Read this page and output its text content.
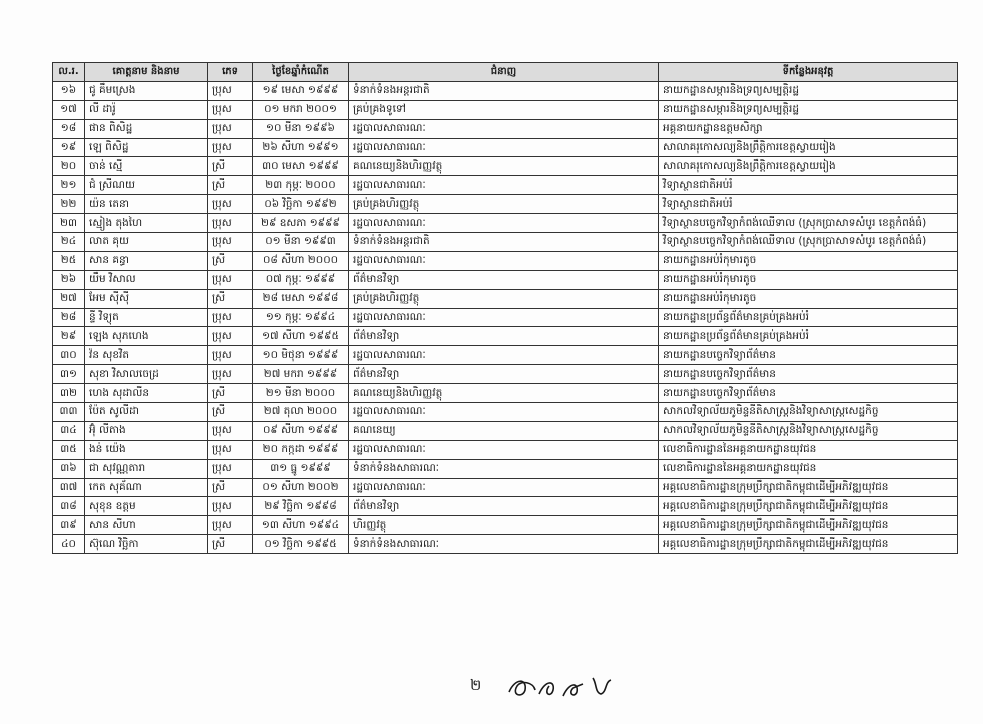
ល.រ.	គោត្តនាម និងនាម	ភេទ	ថ្ងៃខែឆ្នាំកំណើត	ជំនាញ	ទីកន្លែងអនុវត្ត
១៦	ជូ គឹមស្រេង	ប្រុស	១៩ មេសា ១៩៩៩	ទំនាក់ទំនងអន្តរជាតិ	នាយកដ្ឋានសម្ភារនិងទ្រព្យសម្បត្តិរដ្ឋ
១៧	លី ដារ៉ូ	ប្រុស	០១ មករា ២០០១	គ្រប់គ្រងទូទៅ	នាយកដ្ឋានសម្ភារនិងទ្រព្យសម្បត្តិរដ្ឋ
១៨	ផាន ពិសិដ្ឋ	ប្រុស	១០ មីនា ១៩៩៦	រដ្ឋបាលសាធារណៈ	អគ្គនាយកដ្ឋានឧត្តមសិក្សា
១៩	ឡេ ពិសិដ្ឋ	ប្រុស	២៦ សីហា ១៩៩១	រដ្ឋបាលសាធារណៈ	សាលាគរុកោសល្យនិងព្រឹត្តិការខេត្តស្វាយរៀង
២០	ចាន់ ស្មើ	ស្រី	៣០ មេសា ១៩៩៩	គណនេយ្យនិងហិរញ្ញវត្ថុ	សាលាគរុកោសល្យនិងព្រឹត្តិការខេត្តស្វាយរៀង
២១	ជំ ស្រីណយ	ស្រី	២៣ កុម្ភៈ ២០០០	រដ្ឋបាលសាធារណៈ	វិទ្យាស្ថានជាតិអប់រំ
២២	យ៉ន តេនា	ប្រុស	០៦ វិច្ឆិកា ១៩៩២	គ្រប់គ្រងហិរញ្ញវត្ថុ	វិទ្យាស្ថានជាតិអប់រំ
២៣	ស្មៀង តុងហៃ	ប្រុស	២៩ ឧសភា ១៩៩៩	រដ្ឋបាលសាធារណៈ	វិទ្យាស្ថានបច្ចេកវិទ្យាកំពង់ឈើទាល (ស្រុកប្រាសាទសំបូរ ខេត្តកំពង់ធំ)
២៤	លាត គុយ	ប្រុស	០១ មីនា ១៩៩៣	ទំនាក់ទំនងអន្តរជាតិ	វិទ្យាស្ថានបច្ចេកវិទ្យាកំពង់ឈើទាល (ស្រុកប្រាសាទសំបូរ ខេត្តកំពង់ធំ)
២៥	សាន គន្ធា	ស្រី	០៨ សីហា ២០០០	រដ្ឋបាលសាធារណៈ	នាយកដ្ឋានអប់រំកុមារតូច
២៦	យឹម វិសាល	ប្រុស	០៧ កុម្ភៈ ១៩៩៩	ព័ត៌មានវិទ្យា	នាយកដ្ឋានអប់រំកុមារតូច
២៧	អែម ស៊ីស៊ី	ស្រី	២៨ មេសា ១៩៩៨	គ្រប់គ្រងហិរញ្ញវត្ថុ	នាយកដ្ឋានអប់រំកុមារតូច
២៨	ន្ទី វិទ្យុត	ប្រុស	១១ កុម្ភៈ ១៩៩៤	រដ្ឋបាលសាធារណៈ	នាយកដ្ឋានប្រព័ន្ធព័ត៌មានគ្រប់គ្រងអប់រំ
២៩	ឡេង សុភហេង	ប្រុស	១៧ សីហា ១៩៩៥	ព័ត៌មានវិទ្យា	នាយកដ្ឋានប្រព័ន្ធព័ត៌មានគ្រប់គ្រងអប់រំ
៣០	វ៉ន សុខវិត	ប្រុស	១០ មិថុនា ១៩៩៩	រដ្ឋបាលសាធារណៈ	នាយកដ្ឋានបច្ចេកវិទ្យាព័ត៌មាន
៣១	សុខា វិសាលចេដ្រ	ប្រុស	២៧ មករា ១៩៩៩	ព័ត៌មានវិទ្យា	នាយកដ្ឋានបច្ចេកវិទ្យាព័ត៌មាន
៣២	ហេង សុដាលីន	ស្រី	២១ មីនា ២០០០	គណនេយ្យនិងហិរញ្ញវត្ថុ	នាយកដ្ឋានបច្ចេកវិទ្យាព័ត៌មាន
៣៣	ប៉ែត សូលីដា	ស្រី	២៧ តុលា ២០០០	រដ្ឋបាលសាធារណៈ	សាកលវិទ្យាល័យភូមិន្ទនីតិសាស្ត្រនិងវិទ្យាសាស្ត្រសេដ្ឋកិច្ច
៣៤	អ៊ុំ លីតាង	ប្រុស	០៩ សីហា ១៩៩៩	គណនេយ្យ	សាកលវិទ្យាល័យភូមិន្ទនីតិសាស្ត្រនិងវិទ្យាសាស្ត្រសេដ្ឋកិច្ច
៣៥	ងន់ យ៉េង	ប្រុស	២០ កក្កដា ១៩៩៩	រដ្ឋបាលសាធារណៈ	លេខាធិការដ្ឋាននៃអគ្គនាយកដ្ឋានយុវជន
៣៦	ជា សុវណ្ណតារា	ប្រុស	៣១ ធ្នូ ១៩៩៩	ទំនាក់ទំនងសាធារណៈ	លេខាធិការដ្ឋាននៃអគ្គនាយកដ្ឋានយុវជន
៣៧	កេត សុគ័ណា	ស្រី	០១ សីហា ២០០២	រដ្ឋបាលសាធារណៈ	អគ្គលេខាធិការដ្ឋានក្រុមប្រឹក្សាជាតិកម្ពុជាដើម្បីអភិវឌ្ឍយុវជន
៣៨	សុខុន ឧត្តម	ប្រុស	២៩ វិច្ឆិកា ១៩៩៨	ព័ត៌មានវិទ្យា	អគ្គលេខាធិការដ្ឋានក្រុមប្រឹក្សាជាតិកម្ពុជាដើម្បីអភិវឌ្ឍយុវជន
៣៩	សាន សីហា	ប្រុស	១៣ សីហា ១៩៩៤	ហិរញ្ញវត្ថុ	អគ្គលេខាធិការដ្ឋានក្រុមប្រឹក្សាជាតិកម្ពុជាដើម្បីអភិវឌ្ឍយុវជន
៤០	ស៊ុណេ វិច្ឆិកា	ស្រី	០១ វិច្ឆិកា ១៩៩៥	ទំនាក់ទំនងសាធារណៈ	អគ្គលេខាធិការដ្ឋានក្រុមប្រឹក្សាជាតិកម្ពុជាដើម្បីអភិវឌ្ឍយុវជន
២
